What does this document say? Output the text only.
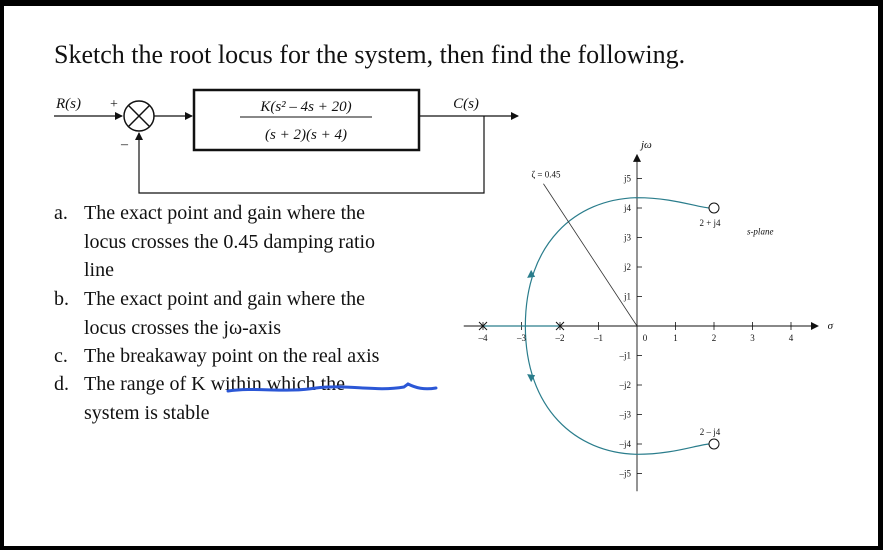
Sketch the root locus for the system, then find the following.
R(s) +
–
K(s² – 4s + 20)
(s + 2)(s + 4)
C(s)
a. The exact point and gain where the
locus crosses the 0.45 damping ratio
line
b. The exact point and gain where the
locus crosses the jω-axis
c. The breakaway point on the real axis
d. The range of K within which the
system is stable
–4	–3	–2	–1	0	1	2	3	4
j5
j4
j3
j2
j1
–j1
–j2
–j3
–j4
–j5
ζ = 0.45
2 + j4
2 – j4
s-plane
jω
σ
